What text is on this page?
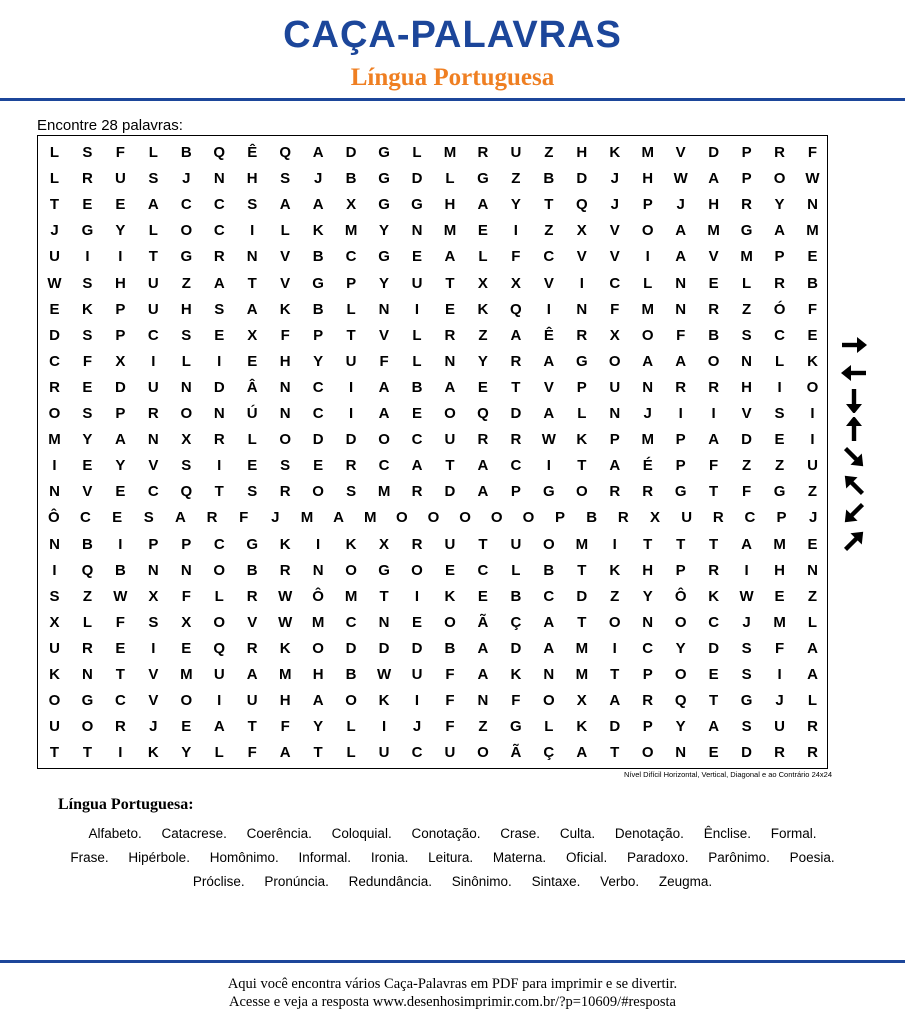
CAÇA-PALAVRAS
Língua Portuguesa
Encontre 28 palavras:
L	S	F	L	B	Q	Ê	Q	A	D	G	L	M	R	U	Z	H	K	M	V	D	P	R	F
L	R	U	S	J	N	H	S	J	B	G	D	L	G	Z	B	D	J	H	W	A	P	O	W
T	E	E	A	C	C	S	A	A	X	G	G	H	A	Y	T	Q	J	P	J	H	R	Y	N
J	G	Y	L	O	C	I	L	K	M	Y	N	M	E	I	Z	X	V	O	A	M	G	A	M
U	I	I	T	G	R	N	V	B	C	G	E	A	L	F	C	V	V	I	A	V	M	P	E
W	S	H	U	Z	A	T	V	G	P	Y	U	T	X	X	V	I	C	L	N	E	L	R	B
E	K	P	U	H	S	A	K	B	L	N	I	E	K	Q	I	N	F	M	N	R	Z	Ó	F
D	S	P	C	S	E	X	F	P	T	V	L	R	Z	A	Ê	R	X	O	F	B	S	C	E
C	F	X	I	L	I	E	H	Y	U	F	L	N	Y	R	A	G	O	A	A	O	N	L	K
R	E	D	U	N	D	Â	N	C	I	A	B	A	E	T	V	P	U	N	R	R	H	I	O
O	S	P	R	O	N	Ú	N	C	I	A	E	O	Q	D	A	L	N	J	I	I	V	S	I
M	Y	A	N	X	R	L	O	D	D	O	C	U	R	R	W	K	P	M	P	A	D	E	I
I	E	Y	V	S	I	E	S	E	R	C	A	T	A	C	I	T	A	É	P	F	Z	Z	U
N	V	E	C	Q	T	S	R	O	S	M	R	D	A	P	G	O	R	R	G	T	F	G	Z
Ô	C	E	S	A	R	F	J	M	A	M	O	O	O	O	O	P	B	R	X	U	R	C	P	J
N	B	I	P	P	C	G	K	I	K	X	R	U	T	U	O	M	I	T	T	T	A	M	E
I	Q	B	N	N	O	B	R	N	O	G	O	E	C	L	B	T	K	H	P	R	I	H	N
S	Z	W	X	F	L	R	W	Ô	M	T	I	K	E	B	C	D	Z	Y	Ô	K	W	E	Z
X	L	F	S	X	O	V	W	M	C	N	E	O	Ã	Ç	A	T	O	N	O	C	J	M	L
U	R	E	I	E	Q	R	K	O	D	D	D	B	A	D	A	M	I	C	Y	D	S	F	A
K	N	T	V	M	U	A	M	H	B	W	U	F	A	K	N	M	T	P	O	E	S	I	A
O	G	C	V	O	I	U	H	A	O	K	I	F	N	F	O	X	A	R	Q	T	G	J	L
U	O	R	J	E	A	T	F	Y	L	I	J	F	Z	G	L	K	D	P	Y	A	S	U	R
T	T	I	K	Y	L	F	A	T	L	U	C	U	O	Ã	Ç	A	T	O	N	E	D	R	R
Nível Difícil Horizontal, Vertical, Diagonal e ao Contrário 24x24
Língua Portuguesa:
Alfabeto. Catacrese. Coerência. Coloquial. Conotação. Crase. Culta. Denotação. Ênclise. Formal. Frase. Hipérbole. Homônimo. Informal. Ironia. Leitura. Materna. Oficial. Paradoxo. Parônimo. Poesia. Próclise. Pronúncia. Redundância. Sinônimo. Sintaxe. Verbo. Zeugma.
Aqui você encontra vários Caça-Palavras em PDF para imprimir e se divertir.
Acesse e veja a resposta www.desenhosimprimir.com.br/?p=10609/#resposta
